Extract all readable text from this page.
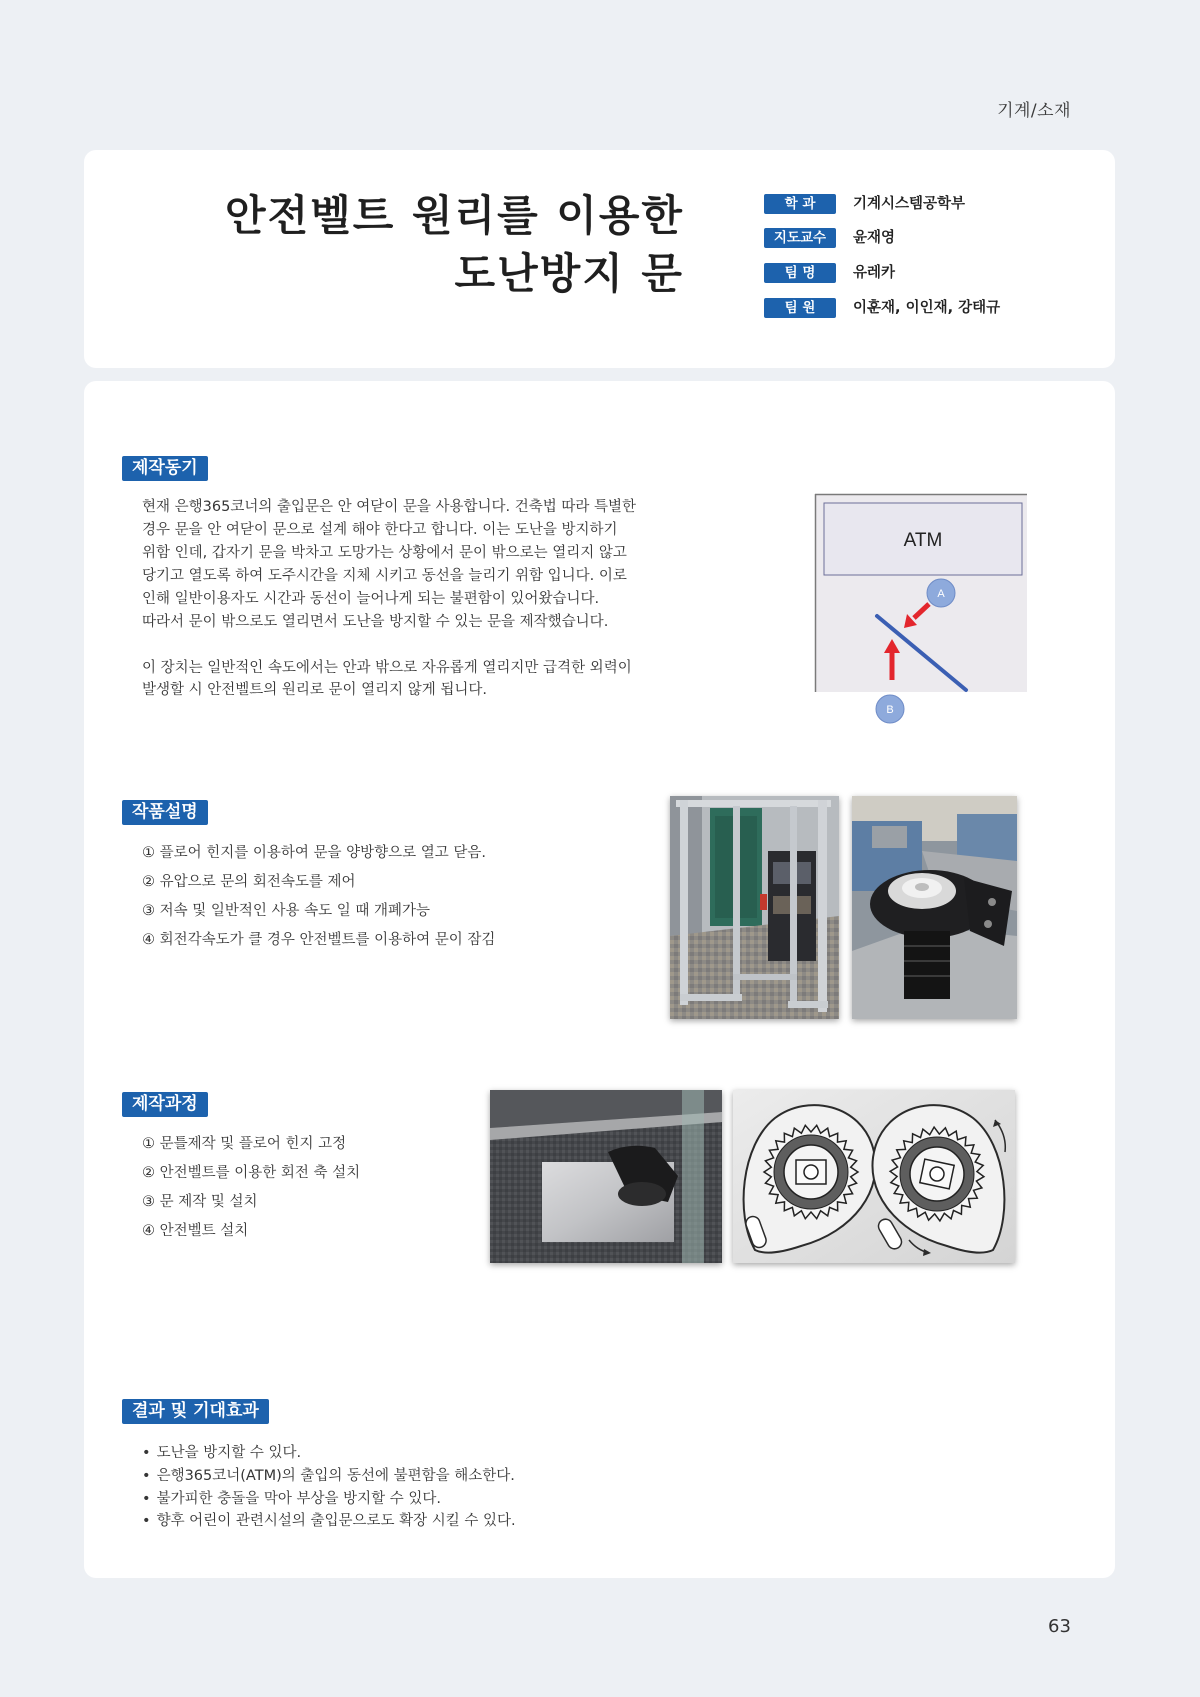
기계/소재
안전벨트 원리를 이용한
도난방지 문
학 과	기계시스템공학부
지도교수	윤재영
팀 명	유레카
팀 원	이훈재, 이인재, 강태규
제작동기
현재 은행365코너의 출입문은 안 여닫이 문을 사용합니다. 건축법 따라 특별한
경우 문을 안 여닫이 문으로 설계 해야 한다고 합니다. 이는 도난을 방지하기
위함 인데, 갑자기 문을 박차고 도망가는 상황에서 문이 밖으로는 열리지 않고
당기고 열도록 하여 도주시간을 지체 시키고 동선을 늘리기 위함 입니다. 이로
인해 일반이용자도 시간과 동선이 늘어나게 되는 불편함이 있어왔습니다.
따라서 문이 밖으로도 열리면서 도난을 방지할 수 있는 문을 제작했습니다.
이 장치는 일반적인 속도에서는 안과 밖으로 자유롭게 열리지만 급격한 외력이
발생할 시 안전벨트의 원리로 문이 열리지 않게 됩니다.
ATM
A
B
작품설명
① 플로어 힌지를 이용하여 문을 양방향으로 열고 닫음.
② 유압으로 문의 회전속도를 제어
③ 저속 및 일반적인 사용 속도 일 때 개폐가능
④ 회전각속도가 클 경우 안전벨트를 이용하여 문이 잠김
제작과정
① 문틀제작 및 플로어 힌지 고정
② 안전벨트를 이용한 회전 축 설치
③ 문 제작 및 설치
④ 안전벨트 설치
결과 및 기대효과
• 도난을 방지할 수 있다.
• 은행365코너(ATM)의 출입의 동선에 불편함을 해소한다.
• 불가피한 충돌을 막아 부상을 방지할 수 있다.
• 향후 어린이 관련시설의 출입문으로도 확장 시킬 수 있다.
63
